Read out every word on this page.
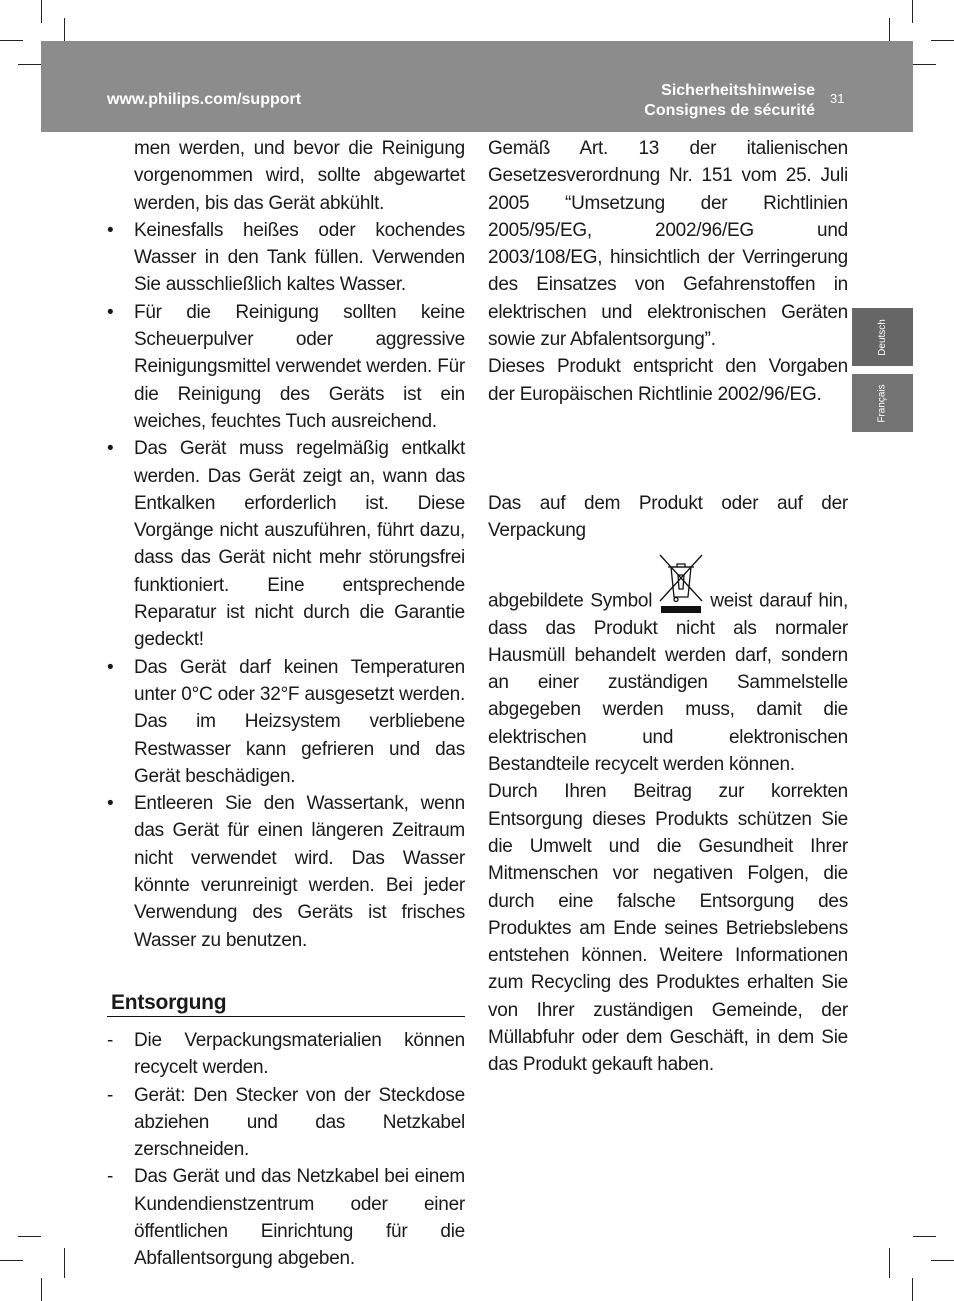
www.philips.com/support
Sicherheitshinweise
Consignes de sécurité
31
Deutsch
Français

men werden, und bevor die Reinigung vorgenommen wird, sollte abgewartet werden, bis das Gerät abkühlt.

• Keinesfalls heißes oder kochendes Wasser in den Tank füllen. Verwenden Sie ausschließlich kaltes Wasser.

• Für die Reinigung sollten keine Scheuerpulver oder aggressive Reinigungsmittel verwendet werden. Für die Reinigung des Geräts ist ein weiches, feuchtes Tuch ausreichend.

• Das Gerät muss regelmäßig entkalkt werden. Das Gerät zeigt an, wann das Entkalken erforderlich ist. Diese Vorgänge nicht auszuführen, führt dazu, dass das Gerät nicht mehr störungsfrei funktioniert. Eine entsprechende Reparatur ist nicht durch die Garantie gedeckt!

• Das Gerät darf keinen Temperaturen unter 0°C oder 32°F ausgesetzt werden. Das im Heizsystem verbliebene Restwasser kann gefrieren und das Gerät beschädigen.

• Entleeren Sie den Wassertank, wenn das Gerät für einen längeren Zeitraum nicht verwendet wird. Das Wasser könnte verunreinigt werden. Bei jeder Verwendung des Geräts ist frisches Wasser zu benutzen.

Entsorgung

- Die Verpackungsmaterialien können recycelt werden.

- Gerät: Den Stecker von der Steckdose abziehen und das Netzkabel zerschneiden.

- Das Gerät und das Netzkabel bei einem Kundendienstzentrum oder einer öffentlichen Einrichtung für die Abfallentsorgung abgeben.

Gemäß Art. 13 der italienischen Gesetzesverordnung Nr. 151 vom 25. Juli 2005 “Umsetzung der Richtlinien 2005/95/EG, 2002/96/EG und 2003/108/EG, hinsichtlich der Verringerung des Einsatzes von Gefahrenstoffen in elektrischen und elektronischen Geräten sowie zur Abfalentsorgung”.

Dieses Produkt entspricht den Vorgaben der Europäischen Richtlinie 2002/96/EG.

Das auf dem Produkt oder auf der Verpackung

abgebildete Symbol	weist darauf hin, dass das Produkt nicht als normaler Hausmüll behandelt werden darf, sondern an einer zuständigen Sammelstelle abgegeben werden muss, damit die elektrischen und elektronischen Bestandteile recycelt werden können.

Durch Ihren Beitrag zur korrekten Entsorgung dieses Produkts schützen Sie die Umwelt und die Gesundheit Ihrer Mitmenschen vor negativen Folgen, die durch eine falsche Entsorgung des Produktes am Ende seines Betriebslebens entstehen können. Weitere Informationen zum Recycling des Produktes erhalten Sie von Ihrer zuständigen Gemeinde, der Müllabfuhr oder dem Geschäft, in dem Sie das Produkt gekauft haben.
